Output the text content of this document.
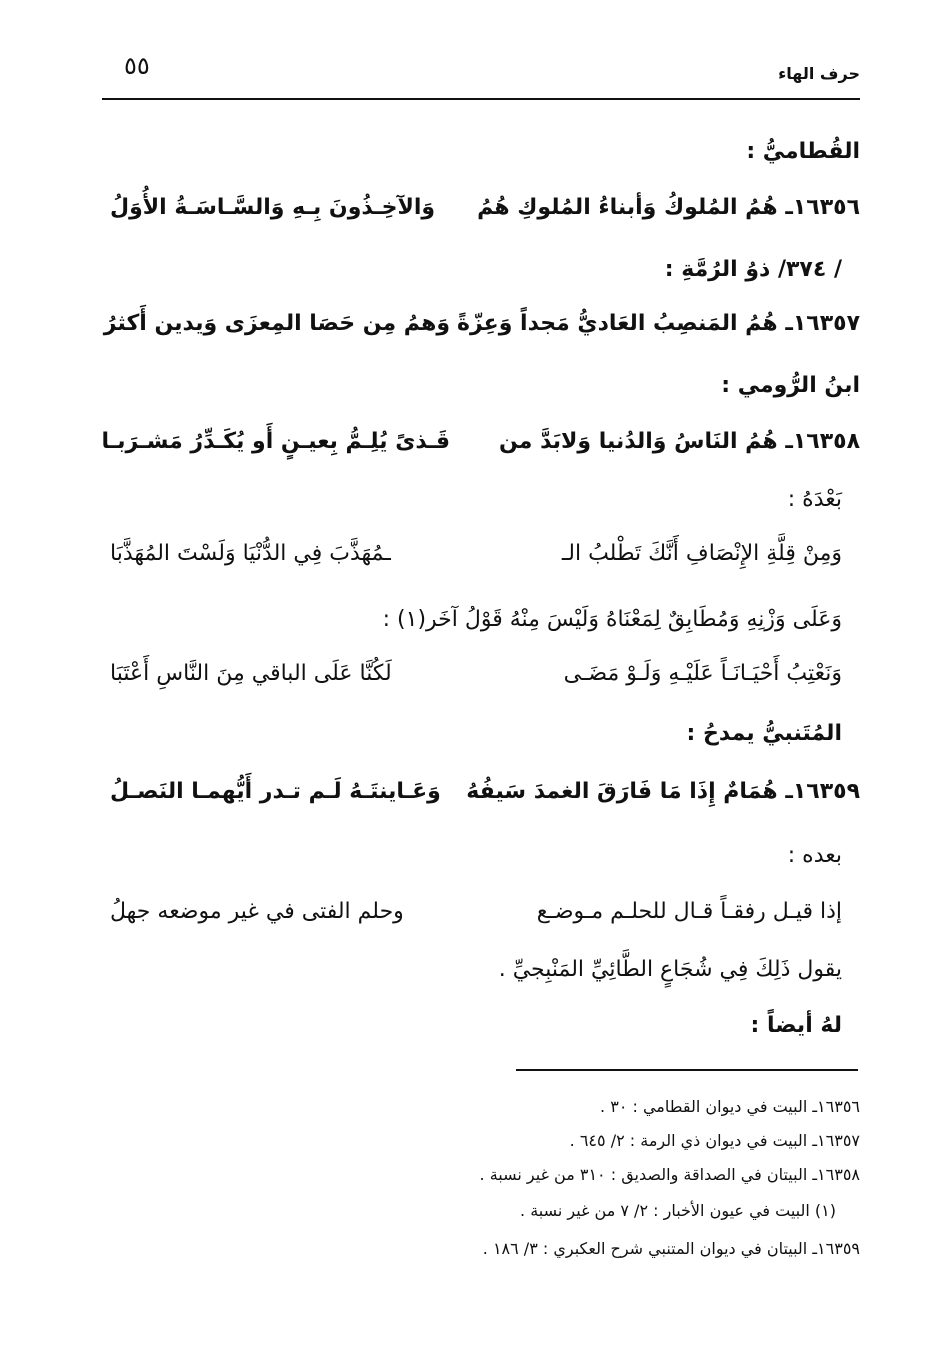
حرف الهاء
٥٥
القُطاميُّ :
١٦٣٥٦ـ هُمُ المُلوكُ وَأبناءُ المُلوكِ هُمُ
وَالآخِـذُونَ بِـهِ وَالسَّـاسَـةُ الأُوَلُ
/ ٣٧٤/ ذوُ الرُمَّةِ :
١٦٣٥٧ـ هُمُ المَنصِبُ العَاديُّ مَجداً وَعِزّةً
وَهمُ مِن حَصَا المِعزَى وَيدين أَكثرُ
ابنُ الرُّومي :
١٦٣٥٨ـ هُمُ النَاسُ وَالدُنيا وَلابَدَّ من
قَـذىً يُلِـمُّ بِعيـنٍ أَو يُكَـدِّرُ مَشـرَبـا
بَعْدَهُ :
وَمِنْ قِلَّةِ الإِنْصَافِ أَنَّكَ تَطْلبُ الـ
ـمُهَذَّبَ فِي الدُّنْيَا وَلَسْتَ المُهَذَّبَا
وَعَلَى وَزْنِهِ وَمُطَابِقٌ لِمَعْنَاهُ وَلَيْسَ مِنْهُ قَوْلُ آخَر(١) :
وَنَعْتِبُ أَحْيَـانَـاً عَلَيْـهِ وَلَـوْ مَضَـى
لَكُنَّا عَلَى الباقي مِنَ النَّاسِ أَعْتَبَا
المُتَنبيُّ يمدحُ :
١٦٣٥٩ـ هُمَامٌ إِذَا مَا فَارَقَ الغمدَ سَيفُهُ
وَعَـاينتَـهُ لَـم تـدر أَيُّهمـا النَصـلُ
بعده :
إذا قيـل رفقـاً قـال للحلـم مـوضـع
وحلم الفتى في غير موضعه جهلُ
يقول ذَلِكَ فِي شُجَاعٍ الطَّائِيِّ المَنْبِجيِّ .
لهُ أيضاً :
١٦٣٥٦ـ البيت في ديوان القطامي : ٣٠ .
١٦٣٥٧ـ البيت في ديوان ذي الرمة : ٢/ ٦٤٥ .
١٦٣٥٨ـ البيتان في الصداقة والصديق : ٣١٠ من غير نسبة .
(١) البيت في عيون الأخبار : ٢/ ٧ من غير نسبة .
١٦٣٥٩ـ البيتان في ديوان المتنبي شرح العكبري : ٣/ ١٨٦ .
